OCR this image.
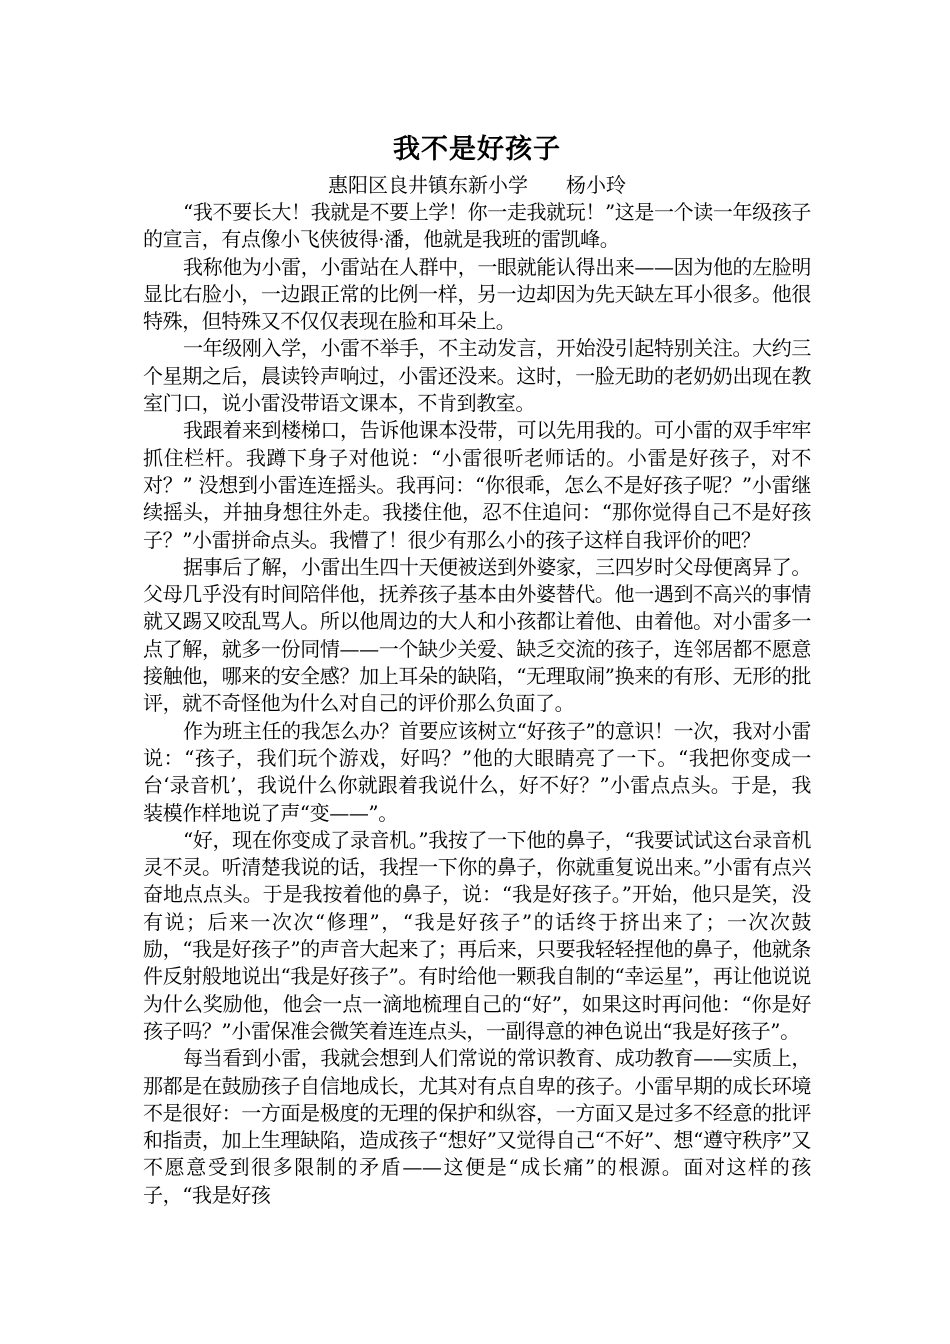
我不是好孩子

惠阳区良井镇东新小学 杨小玲

“我不要长大！我就是不要上学！你一走我就玩！”这是一个读一年级孩子的宣言，有点像小飞侠彼得·潘，他就是我班的雷凯峰。

我称他为小雷，小雷站在人群中，一眼就能认得出来——因为他的左脸明显比右脸小，一边跟正常的比例一样，另一边却因为先天缺左耳小很多。他很特殊，但特殊又不仅仅表现在脸和耳朵上。

一年级刚入学，小雷不举手，不主动发言，开始没引起特别关注。大约三个星期之后，晨读铃声响过，小雷还没来。这时，一脸无助的老奶奶出现在教室门口，说小雷没带语文课本，不肯到教室。

我跟着来到楼梯口，告诉他课本没带，可以先用我的。可小雷的双手牢牢抓住栏杆。我蹲下身子对他说：“小雷很听老师话的。小雷是好孩子，对不对？” 没想到小雷连连摇头。我再问：“你很乖，怎么不是好孩子呢？”小雷继续摇头，并抽身想往外走。我搂住他，忍不住追问：“那你觉得自己不是好孩子？”小雷拼命点头。我懵了！很少有那么小的孩子这样自我评价的吧？

据事后了解，小雷出生四十天便被送到外婆家，三四岁时父母便离异了。父母几乎没有时间陪伴他，抚养孩子基本由外婆替代。他一遇到不高兴的事情就又踢又咬乱骂人。所以他周边的大人和小孩都让着他、由着他。对小雷多一点了解，就多一份同情——一个缺少关爱、缺乏交流的孩子，连邻居都不愿意接触他，哪来的安全感？加上耳朵的缺陷，“无理取闹”换来的有形、无形的批评，就不奇怪他为什么对自己的评价那么负面了。

作为班主任的我怎么办？首要应该树立“好孩子”的意识！一次，我对小雷说：“孩子，我们玩个游戏，好吗？”他的大眼睛亮了一下。“我把你变成一台‘录音机’，我说什么你就跟着我说什么，好不好？”小雷点点头。于是，我装模作样地说了声“变——”。

“好，现在你变成了录音机。”我按了一下他的鼻子，“我要试试这台录音机灵不灵。听清楚我说的话，我捏一下你的鼻子，你就重复说出来。”小雷有点兴奋地点点头。于是我按着他的鼻子，说：“我是好孩子。”开始，他只是笑，没有说；后来一次次“修理”，“我是好孩子”的话终于挤出来了；一次次鼓励，“我是好孩子”的声音大起来了；再后来，只要我轻轻捏他的鼻子，他就条件反射般地说出“我是好孩子”。有时给他一颗我自制的“幸运星”，再让他说说为什么奖励他，他会一点一滴地梳理自己的“好”，如果这时再问他：“你是好孩子吗？”小雷保准会微笑着连连点头，一副得意的神色说出“我是好孩子”。

每当看到小雷，我就会想到人们常说的常识教育、成功教育——实质上，那都是在鼓励孩子自信地成长，尤其对有点自卑的孩子。小雷早期的成长环境不是很好：一方面是极度的无理的保护和纵容，一方面又是过多不经意的批评和指责，加上生理缺陷，造成孩子“想好”又觉得自己“不好”、想“遵守秩序”又不愿意受到很多限制的矛盾——这便是“成长痛”的根源。面对这样的孩子，“我是好孩
